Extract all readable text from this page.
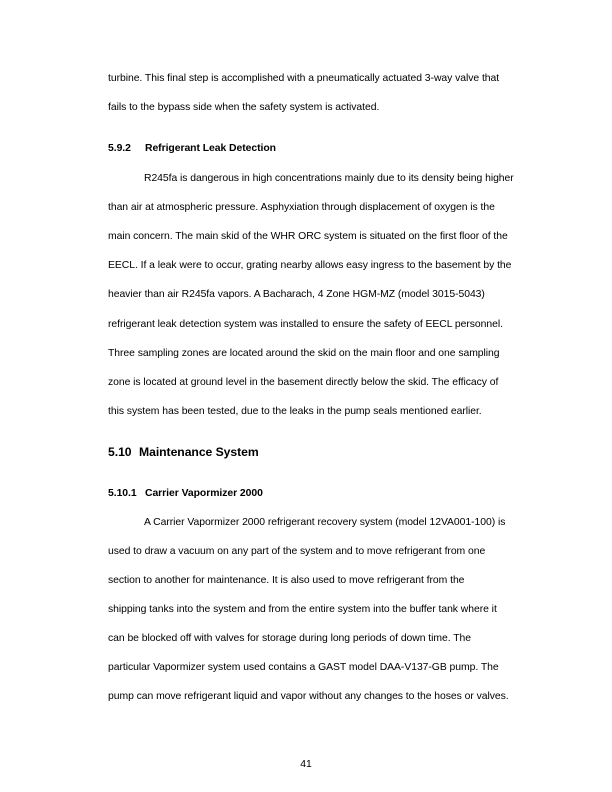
turbine. This final step is accomplished with a pneumatically actuated 3-way valve that
fails to the bypass side when the safety system is activated.
5.9.2 Refrigerant Leak Detection
R245fa is dangerous in high concentrations mainly due to its density being higher
than air at atmospheric pressure. Asphyxiation through displacement of oxygen is the
main concern. The main skid of the WHR ORC system is situated on the first floor of the
EECL. If a leak were to occur, grating nearby allows easy ingress to the basement by the
heavier than air R245fa vapors. A Bacharach, 4 Zone HGM-MZ (model 3015-5043)
refrigerant leak detection system was installed to ensure the safety of EECL personnel.
Three sampling zones are located around the skid on the main floor and one sampling
zone is located at ground level in the basement directly below the skid. The efficacy of
this system has been tested, due to the leaks in the pump seals mentioned earlier.
5.10 Maintenance System
5.10.1 Carrier Vapormizer 2000
A Carrier Vapormizer 2000 refrigerant recovery system (model 12VA001-100) is
used to draw a vacuum on any part of the system and to move refrigerant from one
section to another for maintenance. It is also used to move refrigerant from the
shipping tanks into the system and from the entire system into the buffer tank where it
can be blocked off with valves for storage during long periods of down time. The
particular Vapormizer system used contains a GAST model DAA-V137-GB pump. The
pump can move refrigerant liquid and vapor without any changes to the hoses or valves.
41
